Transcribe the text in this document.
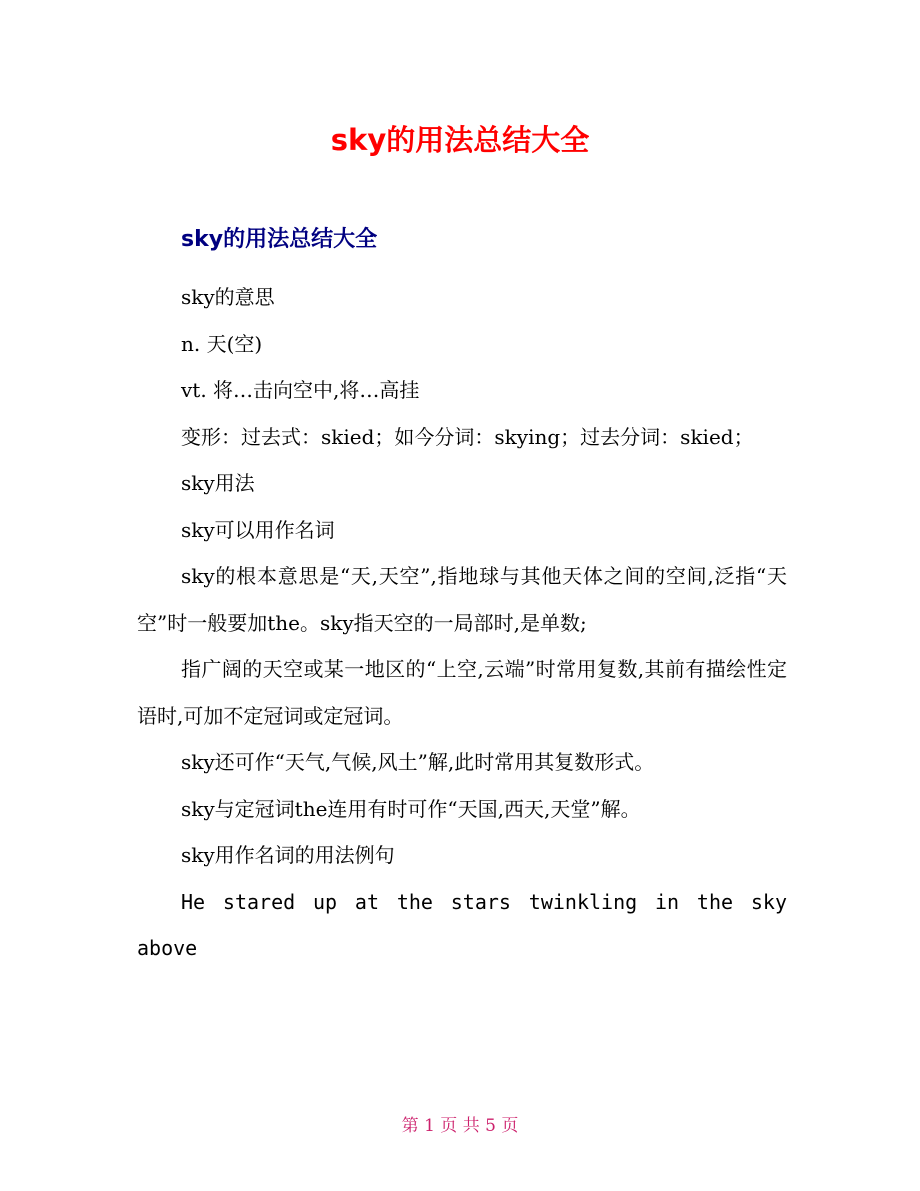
sky的用法总结大全
sky的用法总结大全

sky的意思

n. 天(空)

vt. 将…击向空中,将…高挂

变形：过去式：skied；如今分词：skying；过去分词：skied；

sky用法

sky可以用作名词

sky的根本意思是“天,天空”,指地球与其他天体之间的空间,泛指“天空”时一般要加the。sky指天空的一局部时,是单数;

指广阔的天空或某一地区的“上空,云端”时常用复数,其前有描绘性定语时,可加不定冠词或定冠词。

sky还可作“天气,气候,风土”解,此时常用其复数形式。

sky与定冠词the连用有时可作“天国,西天,天堂”解。

sky用作名词的用法例句

He stared up at the stars twinkling in the sky above

第 1 页 共 5 页
